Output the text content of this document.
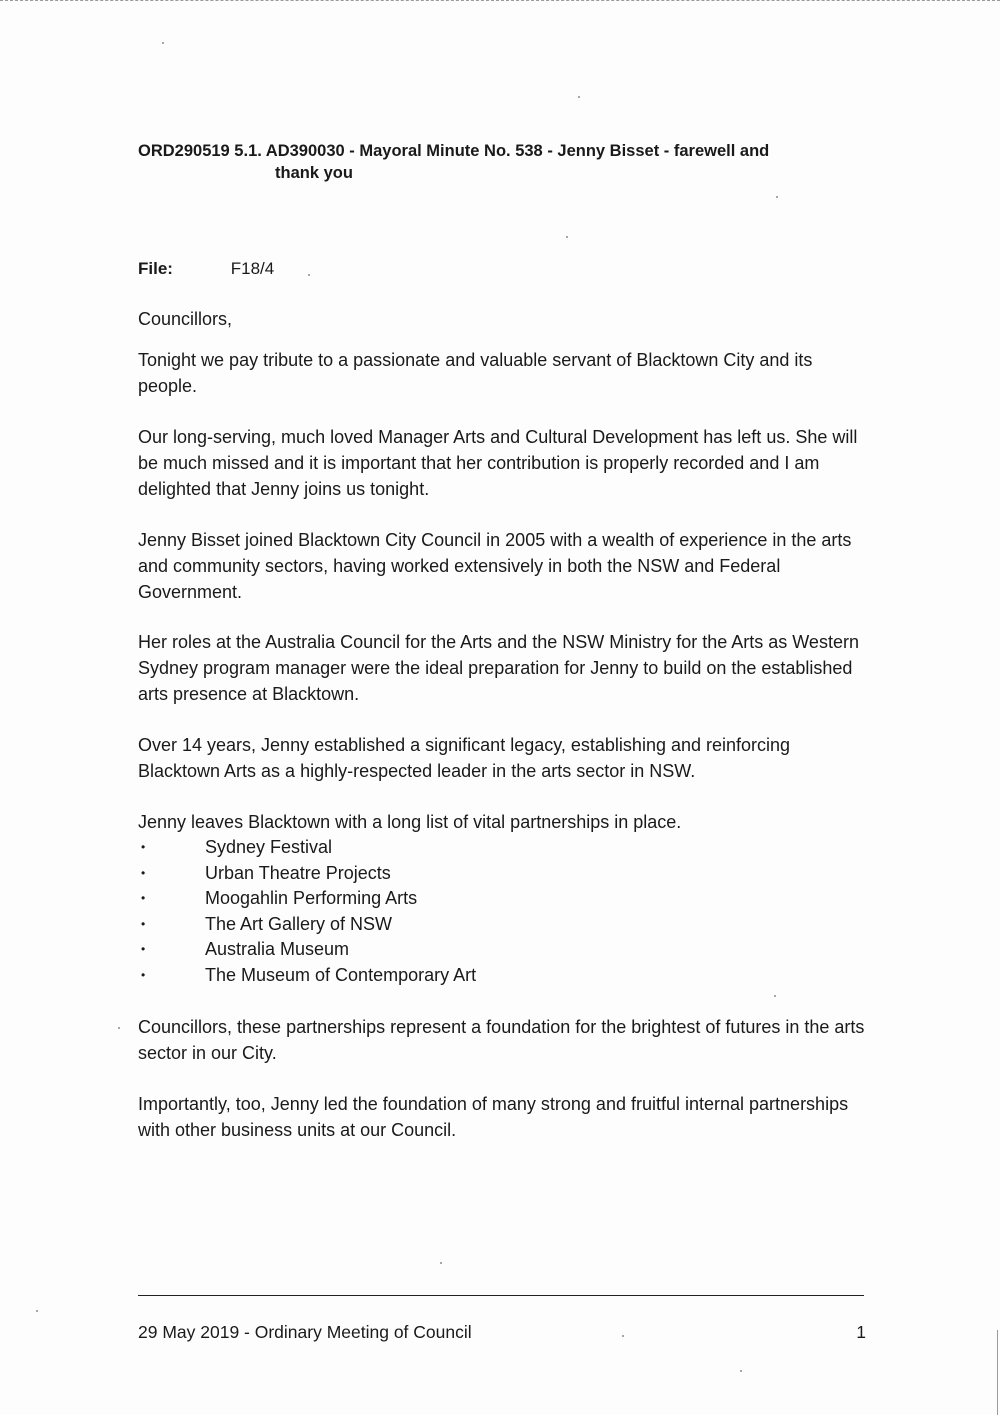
ORD290519 5.1. AD390030 - Mayoral Minute No. 538 - Jenny Bisset - farewell and
thank you
File:	F18/4

Councillors,

Tonight we pay tribute to a passionate and valuable servant of Blacktown City and its people.

Our long-serving, much loved Manager Arts and Cultural Development has left us. She will be much missed and it is important that her contribution is properly recorded and I am delighted that Jenny joins us tonight.

Jenny Bisset joined Blacktown City Council in 2005 with a wealth of experience in the arts and community sectors, having worked extensively in both the NSW and Federal Government.

Her roles at the Australia Council for the Arts and the NSW Ministry for the Arts as Western Sydney program manager were the ideal preparation for Jenny to build on the established arts presence at Blacktown.

Over 14 years, Jenny established a significant legacy, establishing and reinforcing Blacktown Arts as a highly-respected leader in the arts sector in NSW.

Jenny leaves Blacktown with a long list of vital partnerships in place.

•	Sydney Festival
•	Urban Theatre Projects
•	Moogahlin Performing Arts
•	The Art Gallery of NSW
•	Australia Museum
•	The Museum of Contemporary Art

Councillors, these partnerships represent a foundation for the brightest of futures in the arts sector in our City.

Importantly, too, Jenny led the foundation of many strong and fruitful internal partnerships with other business units at our Council.

29 May 2019 - Ordinary Meeting of Council	1
